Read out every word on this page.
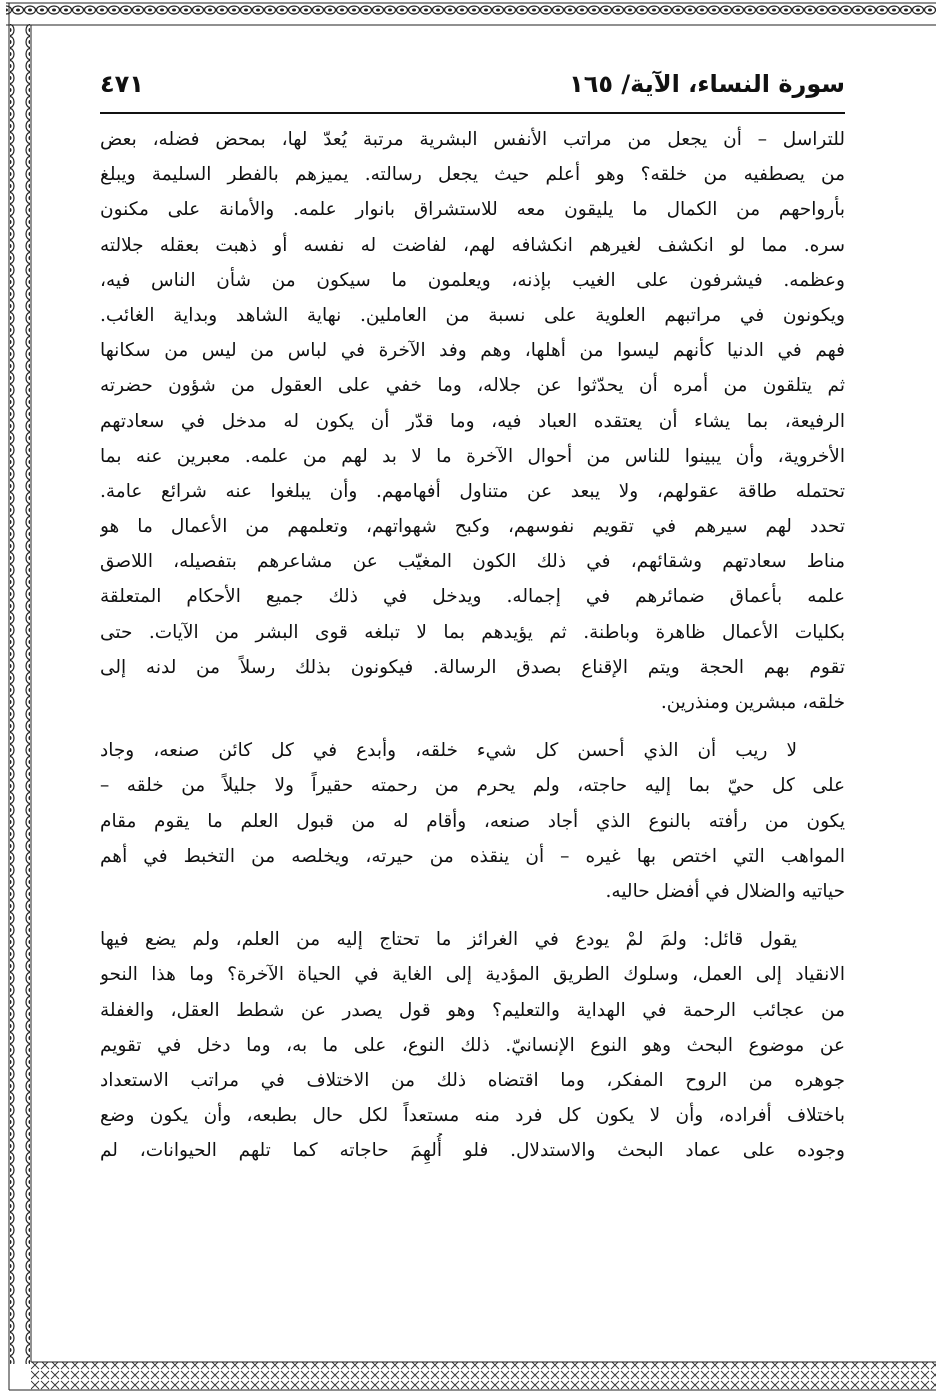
سورة النساء، الآية/ ١٦٥
٤٧١
للتراسل – أن يجعل من مراتب الأنفس البشرية مرتبة يُعدّ لها، بمحض فضله، بعض
من يصطفيه من خلقه؟ وهو أعلم حيث يجعل رسالته. يميزهم بالفطر السليمة ويبلغ
بأرواحهم من الكمال ما يليقون معه للاستشراق بانوار علمه. والأمانة على مكنون
سره. مما لو انكشف لغيرهم انكشافه لهم، لفاضت له نفسه أو ذهبت بعقله جلالته
وعظمه. فيشرفون على الغيب بإذنه، ويعلمون ما سيكون من شأن الناس فيه،
ويكونون في مراتبهم العلوية على نسبة من العاملين. نهاية الشاهد وبداية الغائب.
فهم في الدنيا كأنهم ليسوا من أهلها، وهم وفد الآخرة في لباس من ليس من سكانها
ثم يتلقون من أمره أن يحدّثوا عن جلاله، وما خفي على العقول من شؤون حضرته
الرفيعة، بما يشاء أن يعتقده العباد فيه، وما قدّر أن يكون له مدخل في سعادتهم
الأخروية، وأن يبينوا للناس من أحوال الآخرة ما لا بد لهم من علمه. معبرين عنه بما
تحتمله طاقة عقولهم، ولا يبعد عن متناول أفهامهم. وأن يبلغوا عنه شرائع عامة.
تحدد لهم سيرهم في تقويم نفوسهم، وكبح شهواتهم، وتعلمهم من الأعمال ما هو
مناط سعادتهم وشقائهم، في ذلك الكون المغيّب عن مشاعرهم بتفصيله، اللاصق
علمه بأعماق ضمائرهم في إجماله. ويدخل في ذلك جميع الأحكام المتعلقة
بكليات الأعمال ظاهرة وباطنة. ثم يؤيدهم بما لا تبلغه قوى البشر من الآيات. حتى
تقوم بهم الحجة ويتم الإقناع بصدق الرسالة. فيكونون بذلك رسلاً من لدنه إلى
خلقه، مبشرين ومنذرين.
لا ريب أن الذي أحسن كل شيء خلقه، وأبدع في كل كائن صنعه، وجاد
على كل حيّ بما إليه حاجته، ولم يحرم من رحمته حقيراً ولا جليلاً من خلقه –
يكون من رأفته بالنوع الذي أجاد صنعه، وأقام له من قبول العلم ما يقوم مقام
المواهب التي اختص بها غيره – أن ينقذه من حيرته، ويخلصه من التخبط في أهم
حياتيه والضلال في أفضل حاليه.
يقول قائل: ولمَ لمْ يودع في الغرائز ما تحتاج إليه من العلم، ولم يضع فيها
الانقياد إلى العمل، وسلوك الطريق المؤدية إلى الغاية في الحياة الآخرة؟ وما هذا النحو
من عجائب الرحمة في الهداية والتعليم؟ وهو قول يصدر عن شطط العقل، والغفلة
عن موضوع البحث وهو النوع الإنسانيّ. ذلك النوع، على ما به، وما دخل في تقويم
جوهره من الروح المفكر، وما اقتضاه ذلك من الاختلاف في مراتب الاستعداد
باختلاف أفراده، وأن لا يكون كل فرد منه مستعداً لكل حال بطبعه، وأن يكون وضع
وجوده على عماد البحث والاستدلال. فلو أُلهِمَ حاجاته كما تلهم الحيوانات، لم
